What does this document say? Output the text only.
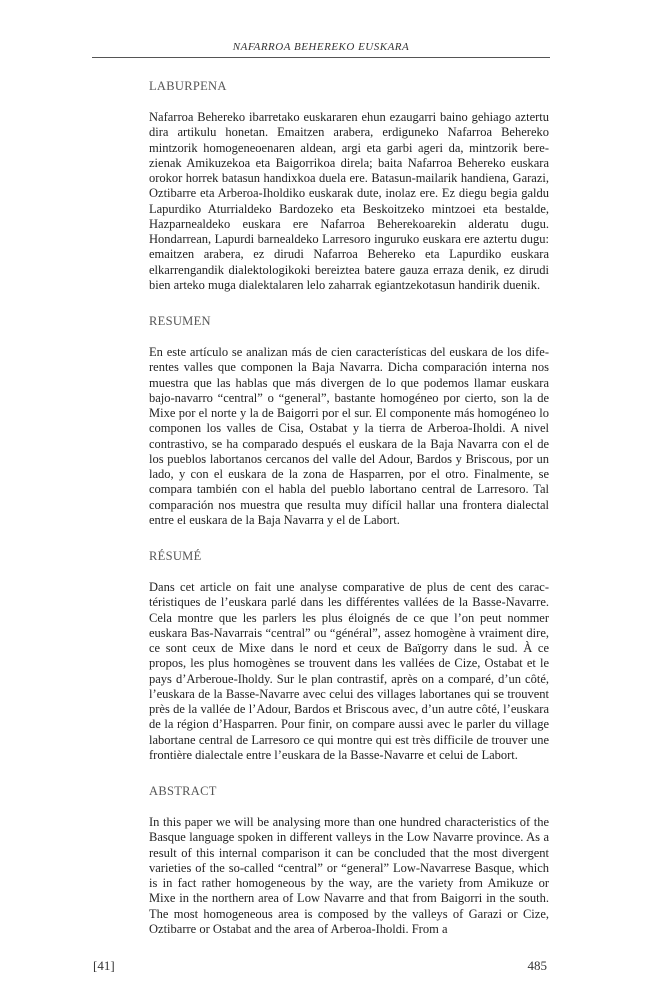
NAFARROA BEHEREKO EUSKARA
LABURPENA

Nafarroa Behereko ibarretako euskararen ehun ezaugarri baino gehiago aztertu dira artikulu honetan. Emaitzen arabera, erdiguneko Nafarroa Behereko mintzorik homogeneoenaren aldean, argi eta garbi ageri da, mintzorik berezienak Amikuzekoa eta Baigorrikoa direla; baita Nafarroa Behereko euskara orokor horrek batasun handixkoa duela ere. Batasun-mailarik handiena, Garazi, Oztibarre eta Arberoa-Iholdiko euskarak dute, inolaz ere. Ez diegu begia galdu Lapurdiko Aturrialdeko Bardozeko eta Beskoitzeko mintzoei eta bestalde, Hazparnealdeko euskara ere Nafarroa Beherekoarekin alderatu dugu. Hondarrean, Lapurdi barnealdeko Larresoro inguruko euskara ere aztertu dugu: emaitzen arabera, ez dirudi Nafarroa Behereko eta Lapurdiko euskara elkarrengandik dialektologikoki bereiztea batere gauza erraza denik, ez dirudi bien arteko muga dialektalaren lelo zaharrak egiantzekotasun handirik duenik.

RESUMEN

En este artículo se analizan más de cien características del euskara de los diferentes valles que componen la Baja Navarra. Dicha comparación interna nos muestra que las hablas que más divergen de lo que podemos llamar euskara bajo-navarro “central” o “general”, bastante homogéneo por cierto, son la de Mixe por el norte y la de Baigorri por el sur. El componente más homogéneo lo componen los valles de Cisa, Ostabat y la tierra de Arberoa-Iholdi. A nivel contrastivo, se ha comparado después el euskara de la Baja Navarra con el de los pueblos labortanos cercanos del valle del Adour, Bardos y Briscous, por un lado, y con el euskara de la zona de Hasparren, por el otro. Finalmente, se compara también con el habla del pueblo labortano central de Larresoro. Tal comparación nos muestra que resulta muy difícil hallar una frontera dialectal entre el euskara de la Baja Navarra y el de Labort.

RÉSUMÉ

Dans cet article on fait une analyse comparative de plus de cent des caractéristiques de l’euskara parlé dans les différentes vallées de la Basse-Navarre. Cela montre que les parlers les plus éloignés de ce que l’on peut nommer euskara Bas-Navarrais “central” ou “général”, assez homogène à vraiment dire, ce sont ceux de Mixe dans le nord et ceux de Baïgorry dans le sud. À ce propos, les plus homogènes se trouvent dans les vallées de Cize, Ostabat et le pays d’Arberoue-Iholdy. Sur le plan contrastif, après on a comparé, d’un côté, l’euskara de la Basse-Navarre avec celui des villages labortanes qui se trouvent près de la vallée de l’Adour, Bardos et Briscous avec, d’un autre côté, l’euskara de la région d’Hasparren. Pour finir, on compare aussi avec le parler du village labortane central de Larresoro ce qui montre qui est très difficile de trouver une frontière dialectale entre l’euskara de la Basse-Navarre et celui de Labort.

ABSTRACT

In this paper we will be analysing more than one hundred characteristics of the Basque language spoken in different valleys in the Low Navarre province. As a result of this internal comparison it can be concluded that the most divergent varieties of the so-called “central” or “general” Low-Navarrese Basque, which is in fact rather homogeneous by the way, are the variety from Amikuze or Mixe in the northern area of Low Navarre and that from Baigorri in the south. The most homogeneous area is composed by the valleys of Garazi or Cize, Oztibarre or Ostabat and the area of Arberoa-Iholdi. From a

[41]	485
